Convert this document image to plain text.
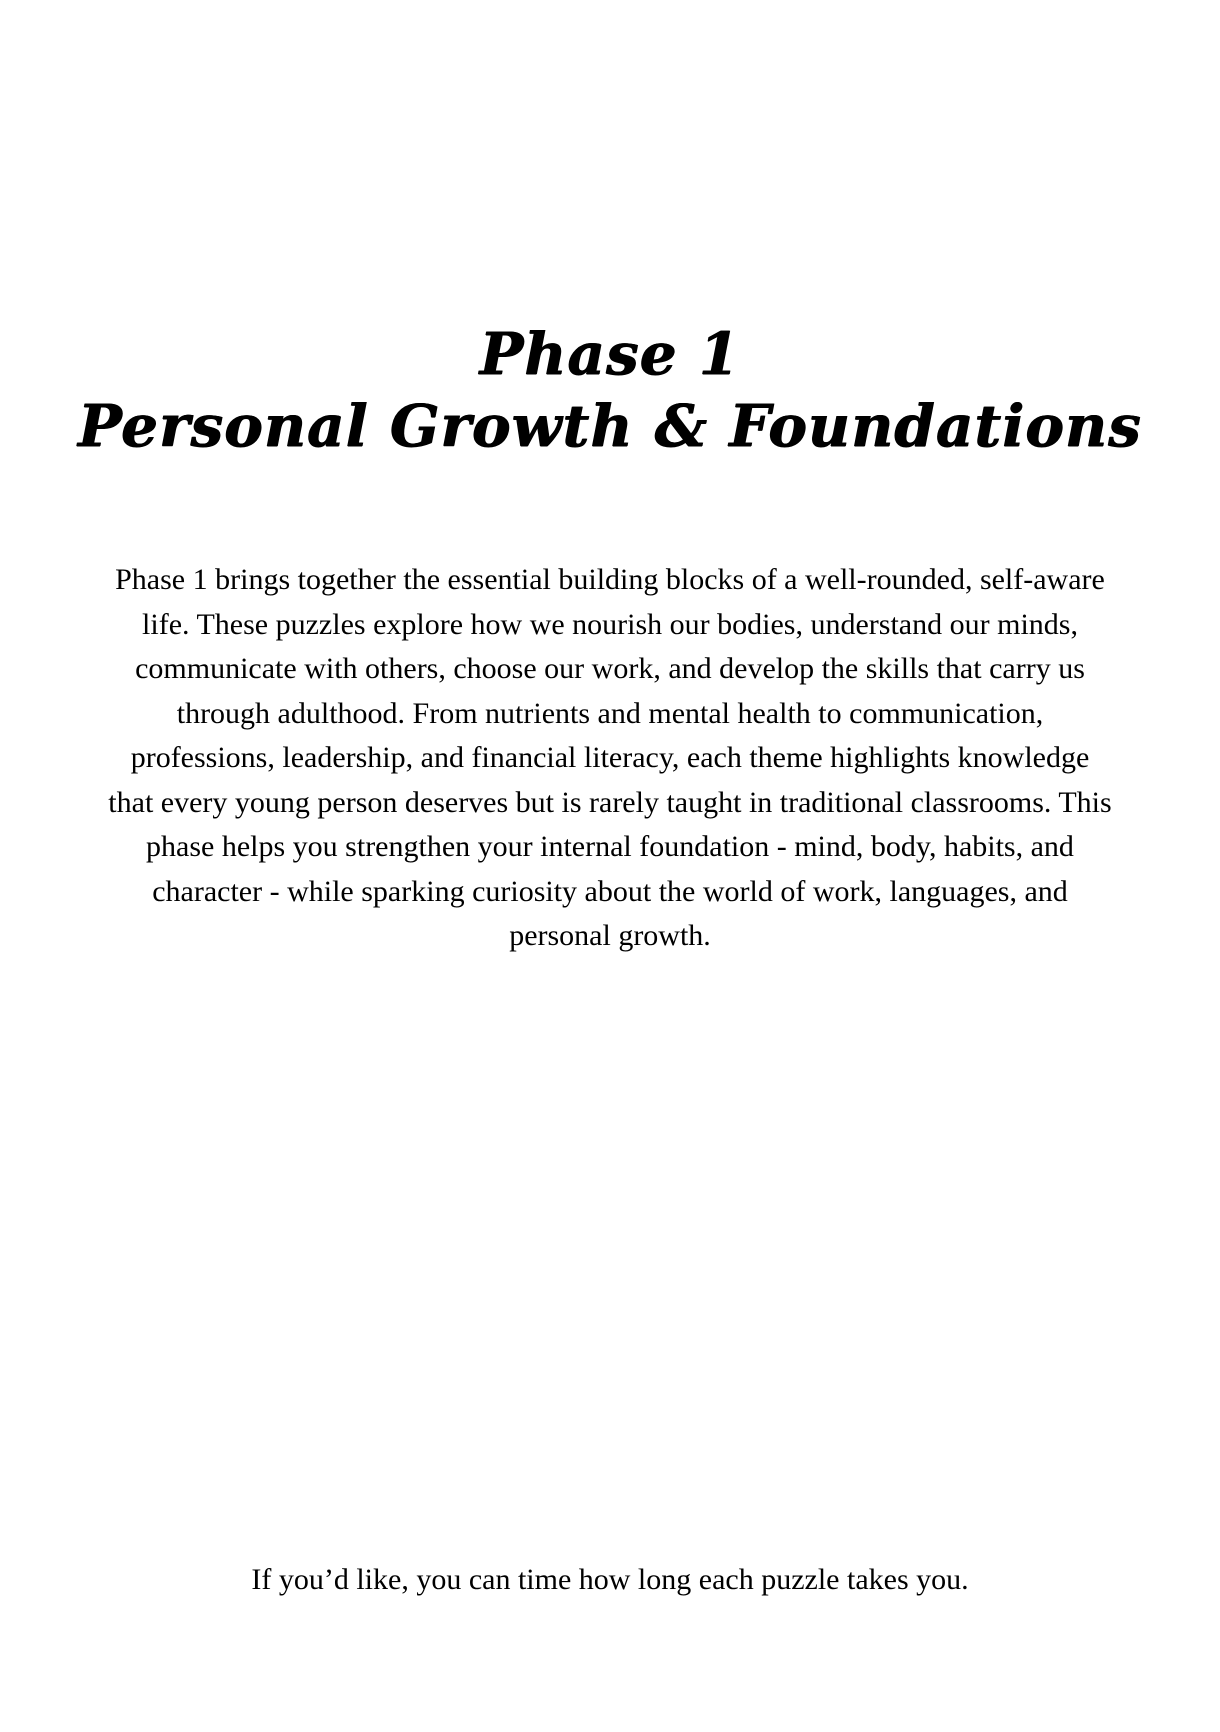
Phase 1
Personal Growth & Foundations

Phase 1 brings together the essential building blocks of a well-rounded, self-aware life. These puzzles explore how we nourish our bodies, understand our minds, communicate with others, choose our work, and develop the skills that carry us through adulthood. From nutrients and mental health to communication, professions, leadership, and financial literacy, each theme highlights knowledge that every young person deserves but is rarely taught in traditional classrooms. This phase helps you strengthen your internal foundation - mind, body, habits, and character - while sparking curiosity about the world of work, languages, and personal growth.

If you’d like, you can time how long each puzzle takes you.
